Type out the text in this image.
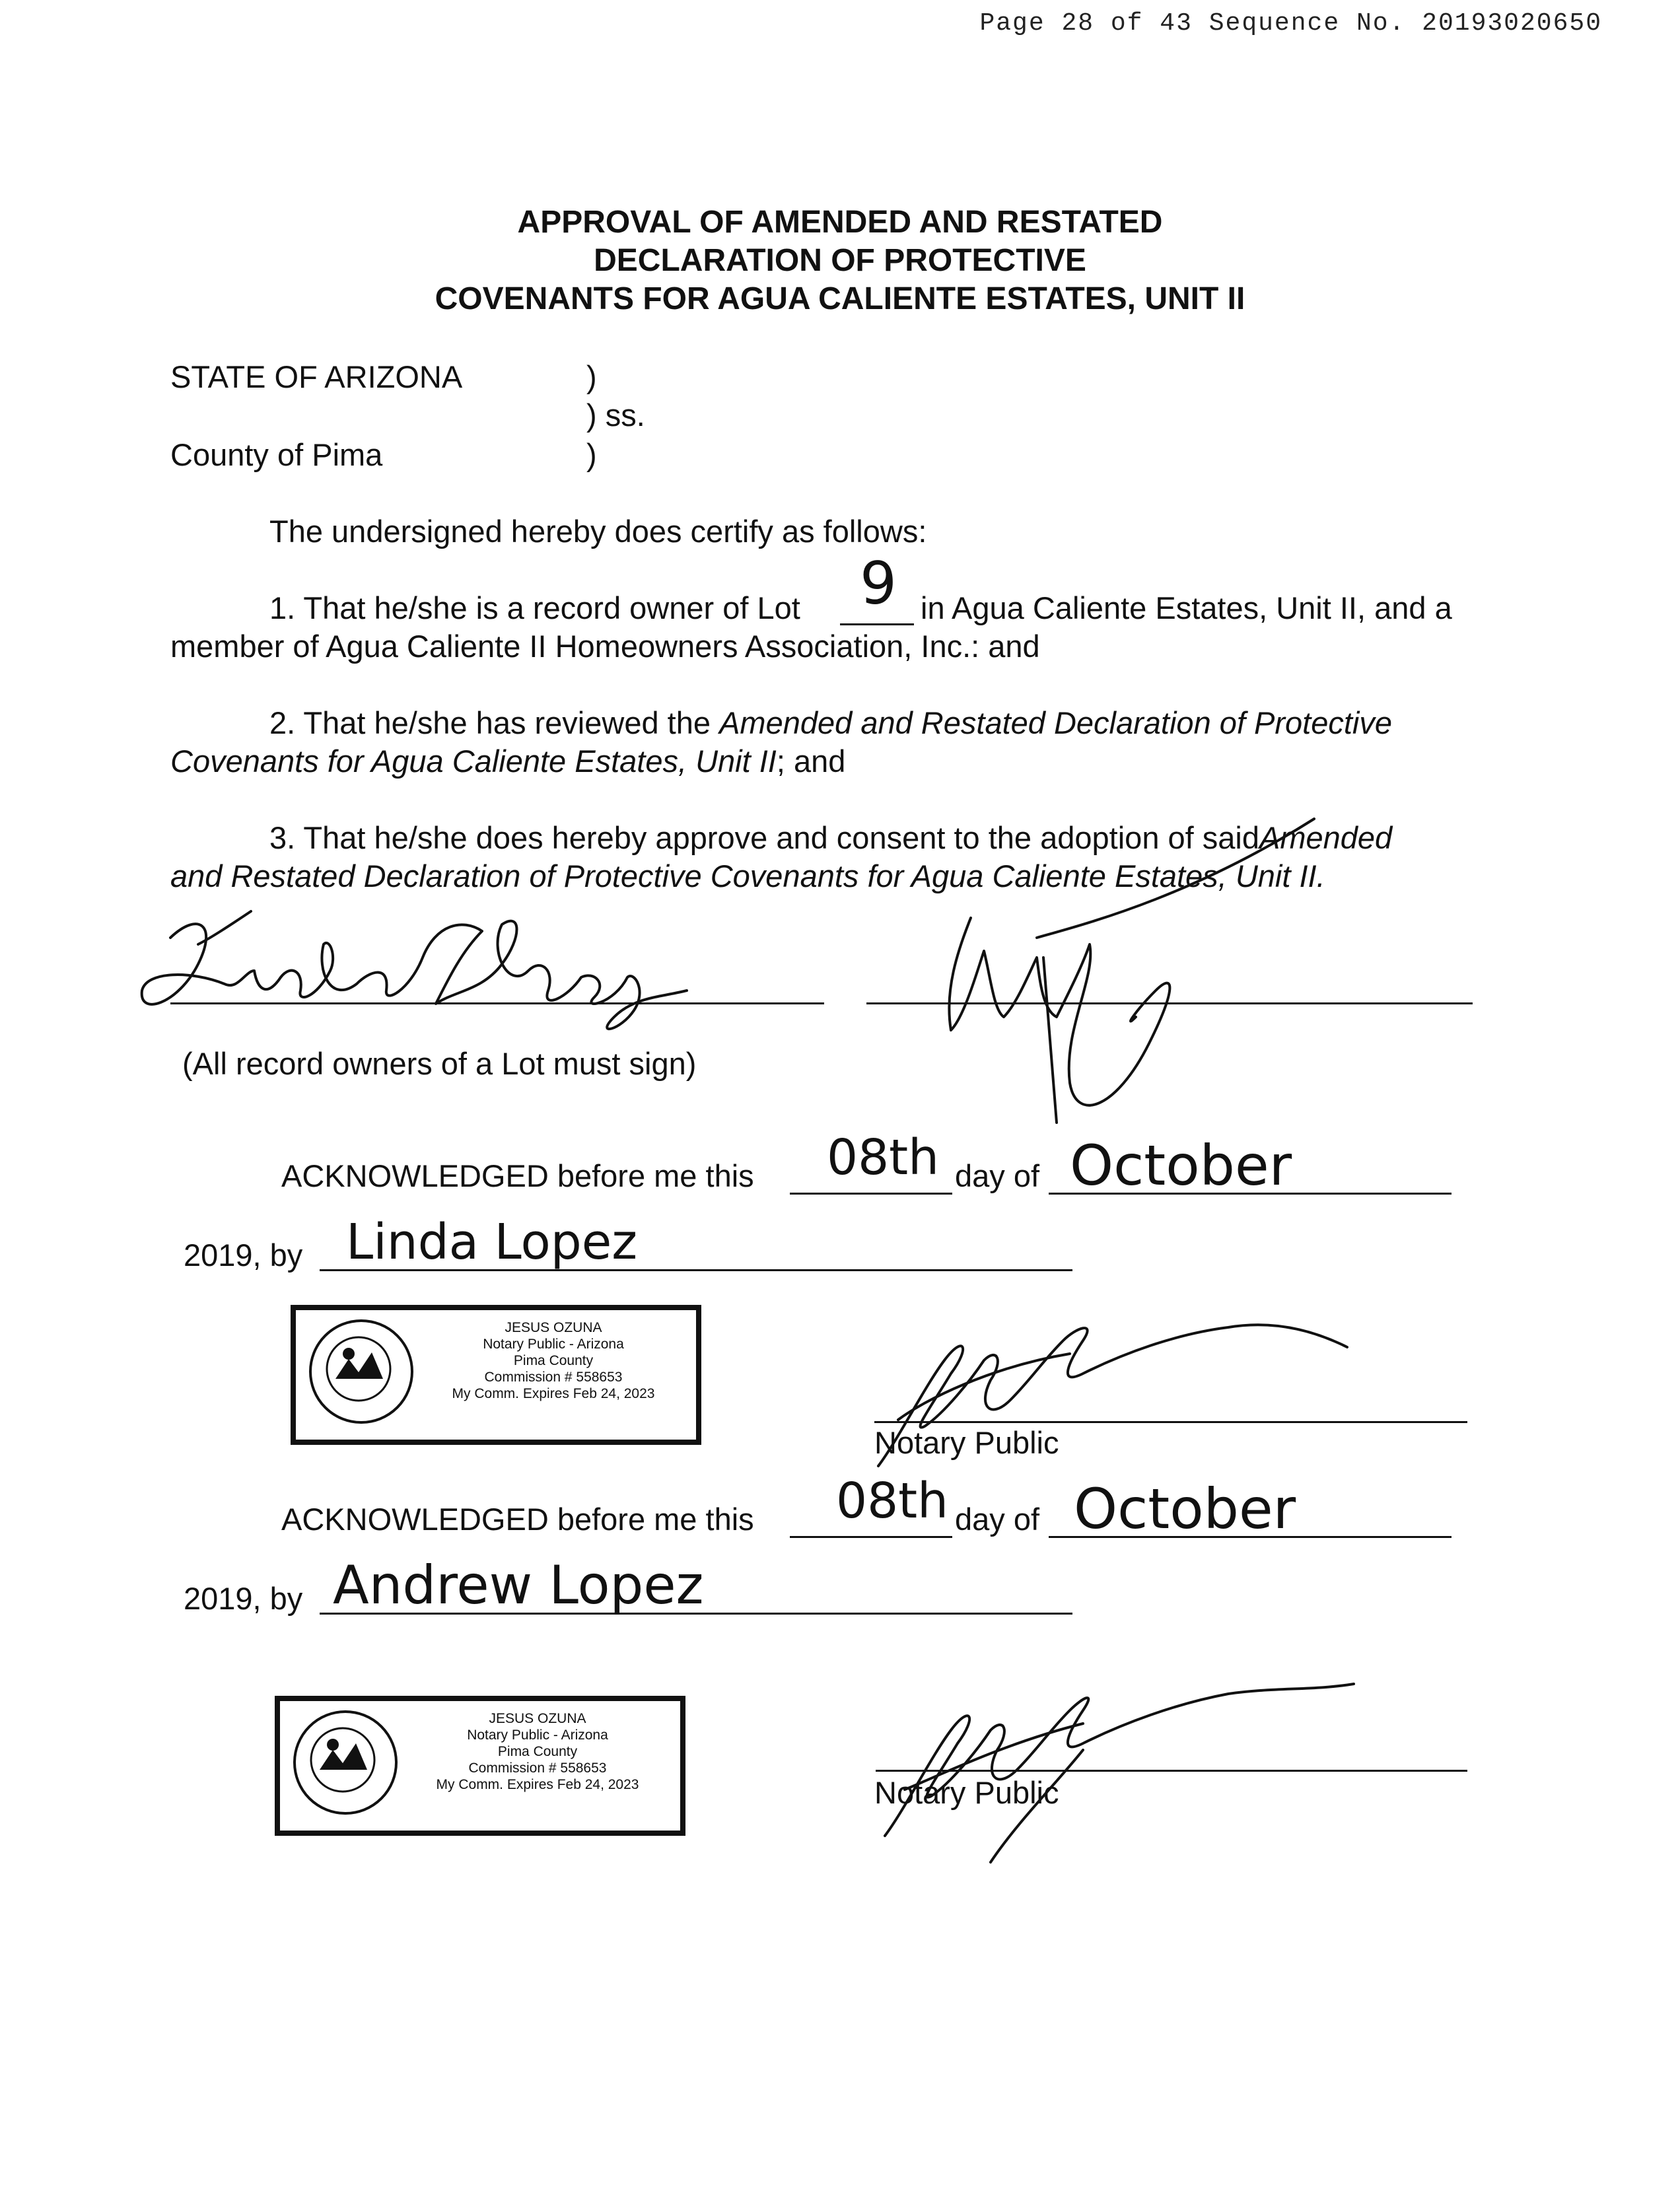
Page 28 of 43 Sequence No. 20193020650
APPROVAL OF AMENDED AND RESTATED
DECLARATION OF PROTECTIVE
COVENANTS FOR AGUA CALIENTE ESTATES, UNIT II
STATE OF ARIZONA	)
) ss.
County of Pima	)
The undersigned hereby does certify as follows:
1. That he/she is a record owner of Lot 9 in Agua Caliente Estates, Unit II, and a
member of Agua Caliente II Homeowners Association, Inc.: and
2. That he/she has reviewed the Amended and Restated Declaration of Protective
Covenants for Agua Caliente Estates, Unit II; and
3. That he/she does hereby approve and consent to the adoption of saidAmended
and Restated Declaration of Protective Covenants for Agua Caliente Estates, Unit II.
(All record owners of a Lot must sign)
ACKNOWLEDGED before me this 08th day of October
2019, by Linda Lopez
JESUS OZUNA
Notary Public - Arizona
Pima County
Commission # 558653
My Comm. Expires Feb 24, 2023
Notary Public
ACKNOWLEDGED before me this 08th day of October
2019, by Andrew Lopez
JESUS OZUNA
Notary Public - Arizona
Pima County
Commission # 558653
My Comm. Expires Feb 24, 2023	Notary Public
